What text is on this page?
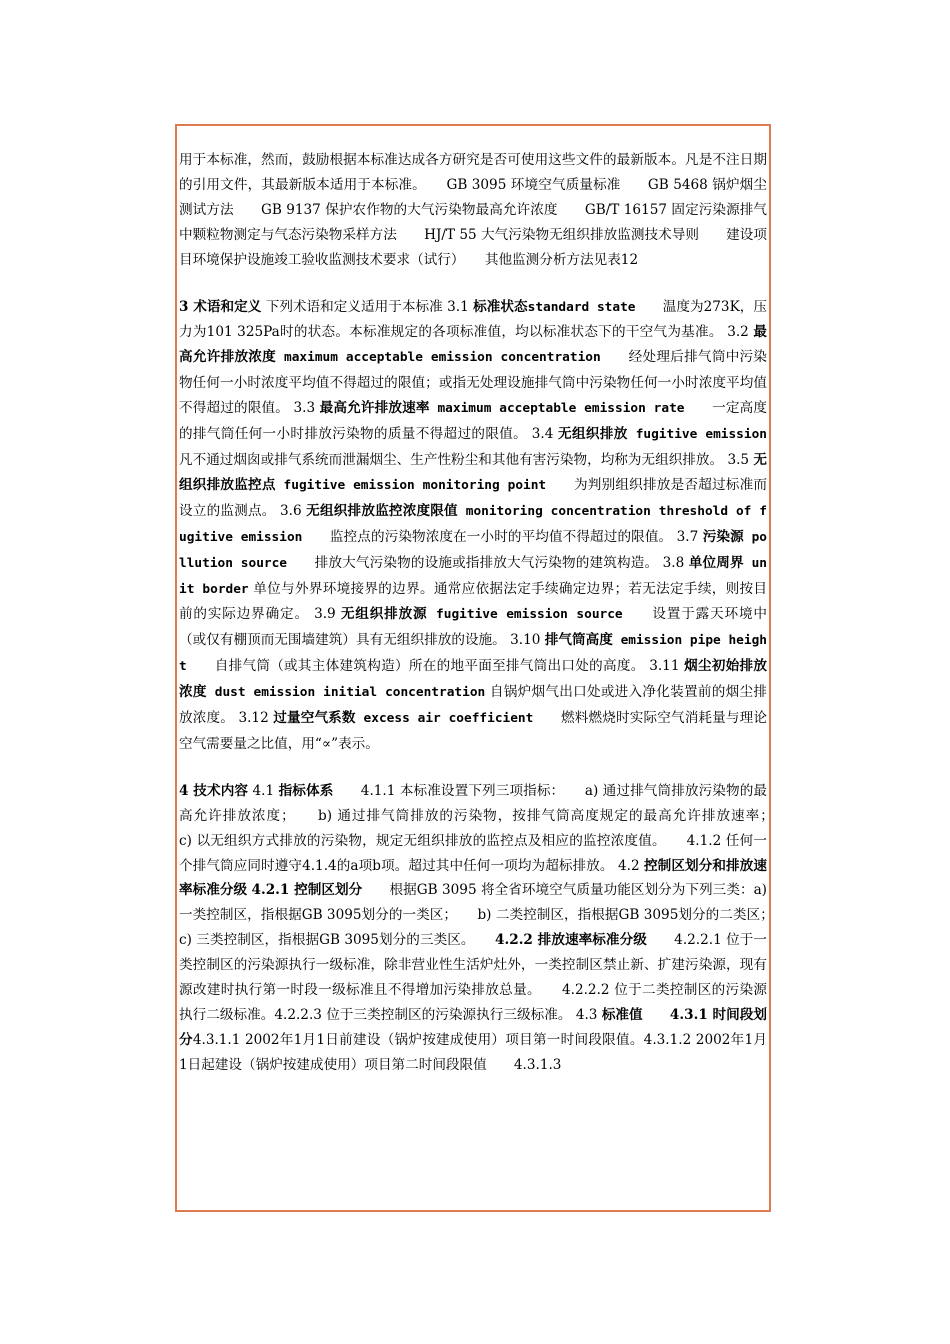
用于本标准，然而，鼓励根据本标准达成各方研究是否可使用这些文件的最新版本。凡是不注日期的引用文件，其最新版本适用于本标准。　　GB 3095 环境空气质量标准　　GB 5468 锅炉烟尘测试方法　　GB 9137 保护农作物的大气污染物最高允许浓度　　GB/T 16157 固定污染源排气中颗粒物测定与气态污染物采样方法　　HJ/T 55 大气污染物无组织排放监测技术导则　　建设项目环境保护设施竣工验收监测技术要求（试行）　　其他监测分析方法见表12

3 术语和定义 下列术语和定义适用于本标准 3.1 标准状态standard state　　温度为273K，压力为101 325Pa时的状态。本标准规定的各项标准值，均以标准状态下的干空气为基准。 3.2 最高允许排放浓度 maximum acceptable emission concentration　　经处理后排气筒中污染物任何一小时浓度平均值不得超过的限值；或指无处理设施排气筒中污染物任何一小时浓度平均值不得超过的限值。 3.3 最高允许排放速率 maximum acceptable emission rate　　一定高度的排气筒任何一小时排放污染物的质量不得超过的限值。 3.4 无组织排放 fugitive emission 凡不通过烟囱或排气系统而泄漏烟尘、生产性粉尘和其他有害污染物，均称为无组织排放。 3.5 无组织排放监控点 fugitive emission monitoring point　　为判别组织排放是否超过标准而设立的监测点。 3.6 无组织排放监控浓度限值 monitoring concentration threshold of fugitive emission　　监控点的污染物浓度在一小时的平均值不得超过的限值。 3.7 污染源 pollution source　　排放大气污染物的设施或指排放大气污染物的建筑构造。 3.8 单位周界 unit border 单位与外界环境接界的边界。通常应依据法定手续确定边界；若无法定手续，则按目前的实际边界确定。 3.9 无组织排放源 fugitive emission source　　设置于露天环境中（或仅有棚顶而无围墙建筑）具有无组织排放的设施。 3.10 排气筒高度 emission pipe height　　自排气筒（或其主体建筑构造）所在的地平面至排气筒出口处的高度。 3.11 烟尘初始排放浓度 dust emission initial concentration 自锅炉烟气出口处或进入净化装置前的烟尘排放浓度。 3.12 过量空气系数 excess air coefficient　　燃料燃烧时实际空气消耗量与理论空气需要量之比值，用“∝”表示。

4 技术内容 4.1 指标体系　　4.1.1 本标准设置下列三项指标：　　a) 通过排气筒排放污染物的最高允许排放浓度；　　b) 通过排气筒排放的污染物，按排气筒高度规定的最高允许排放速率；　　c) 以无组织方式排放的污染物，规定无组织排放的监控点及相应的监控浓度值。　　4.1.2 任何一个排气筒应同时遵守4.1.4的a项b项。超过其中任何一项均为超标排放。 4.2 控制区划分和排放速率标准分级 4.2.1 控制区划分　　根据GB 3095 将全省环境空气质量功能区划分为下列三类：a) 一类控制区，指根据GB 3095划分的一类区；　　b) 二类控制区，指根据GB 3095划分的二类区；　　c) 三类控制区，指根据GB 3095划分的三类区。　　4.2.2 排放速率标准分级　　4.2.2.1 位于一类控制区的污染源执行一级标准，除非营业性生活炉灶外，一类控制区禁止新、扩建污染源，现有源改建时执行第一时段一级标准且不得增加污染排放总量。　　4.2.2.2 位于二类控制区的污染源执行二级标准。4.2.2.3 位于三类控制区的污染源执行三级标准。 4.3 标准值　　4.3.1 时间段划分4.3.1.1 2002年1月1日前建设（锅炉按建成使用）项目第一时间段限值。4.3.1.2 2002年1月1日起建设（锅炉按建成使用）项目第二时间段限值　　4.3.1.3
